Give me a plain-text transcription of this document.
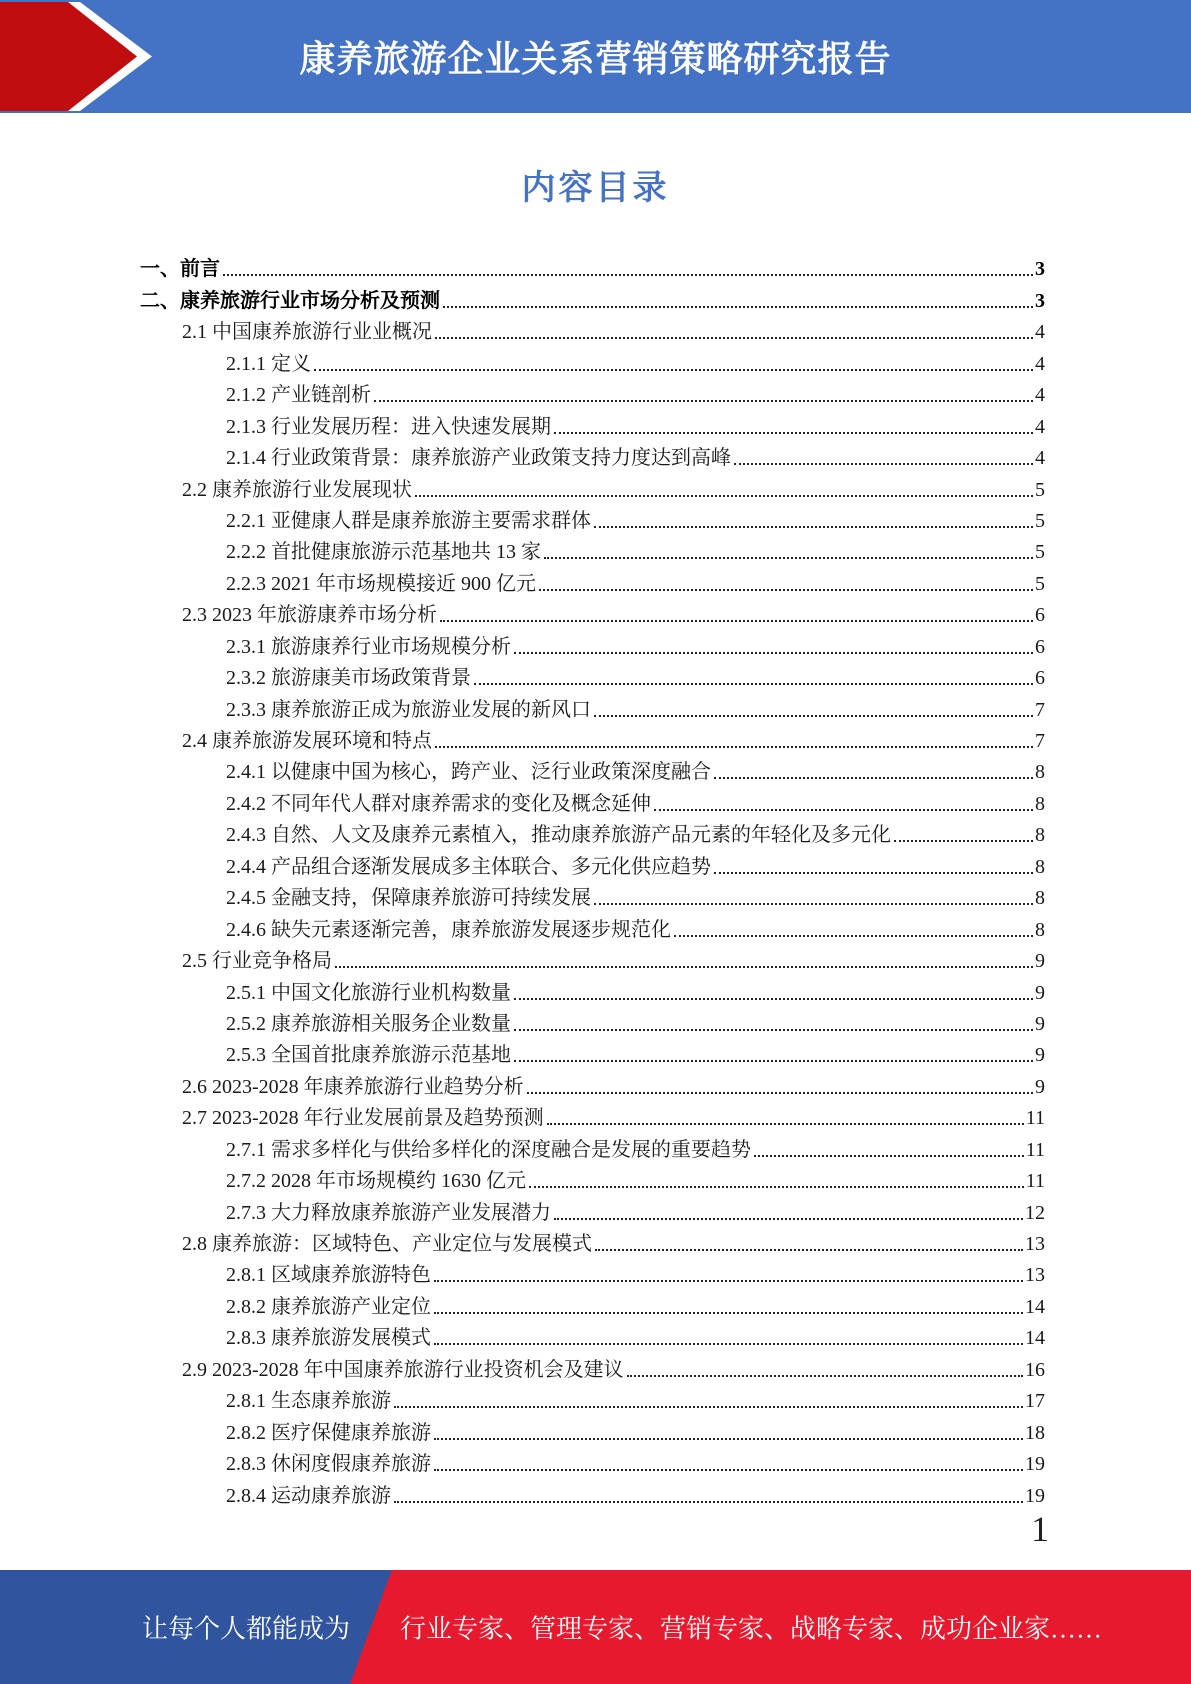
康养旅游企业关系营销策略研究报告
内容目录
一、前言	3
二、康养旅游行业市场分析及预测	3
2.1 中国康养旅游行业业概况	4
2.1.1 定义	4
2.1.2 产业链剖析	4
2.1.3 行业发展历程：进入快速发展期	4
2.1.4 行业政策背景：康养旅游产业政策支持力度达到高峰	4
2.2 康养旅游行业发展现状	5
2.2.1 亚健康人群是康养旅游主要需求群体	5
2.2.2 首批健康旅游示范基地共 13 家	5
2.2.3 2021 年市场规模接近 900 亿元	5
2.3 2023 年旅游康养市场分析	6
2.3.1 旅游康养行业市场规模分析	6
2.3.2 旅游康美市场政策背景	6
2.3.3 康养旅游正成为旅游业发展的新风口	7
2.4 康养旅游发展环境和特点	7
2.4.1 以健康中国为核心，跨产业、泛行业政策深度融合	8
2.4.2 不同年代人群对康养需求的变化及概念延伸	8
2.4.3 自然、人文及康养元素植入，推动康养旅游产品元素的年轻化及多元化	8
2.4.4 产品组合逐渐发展成多主体联合、多元化供应趋势	8
2.4.5 金融支持，保障康养旅游可持续发展	8
2.4.6 缺失元素逐渐完善，康养旅游发展逐步规范化	8
2.5 行业竞争格局	9
2.5.1 中国文化旅游行业机构数量	9
2.5.2 康养旅游相关服务企业数量	9
2.5.3 全国首批康养旅游示范基地	9
2.6 2023-2028 年康养旅游行业趋势分析	9
2.7 2023-2028 年行业发展前景及趋势预测	11
2.7.1 需求多样化与供给多样化的深度融合是发展的重要趋势	11
2.7.2 2028 年市场规模约 1630 亿元	11
2.7.3 大力释放康养旅游产业发展潜力	12
2.8 康养旅游：区域特色、产业定位与发展模式	13
2.8.1 区域康养旅游特色	13
2.8.2 康养旅游产业定位	14
2.8.3 康养旅游发展模式	14
2.9 2023-2028 年中国康养旅游行业投资机会及建议	16
2.8.1 生态康养旅游	17
2.8.2 医疗保健康养旅游	18
2.8.3 休闲度假康养旅游	19
2.8.4 运动康养旅游	19
1
让每个人都能成为 行业专家、管理专家、营销专家、战略专家、成功企业家……
